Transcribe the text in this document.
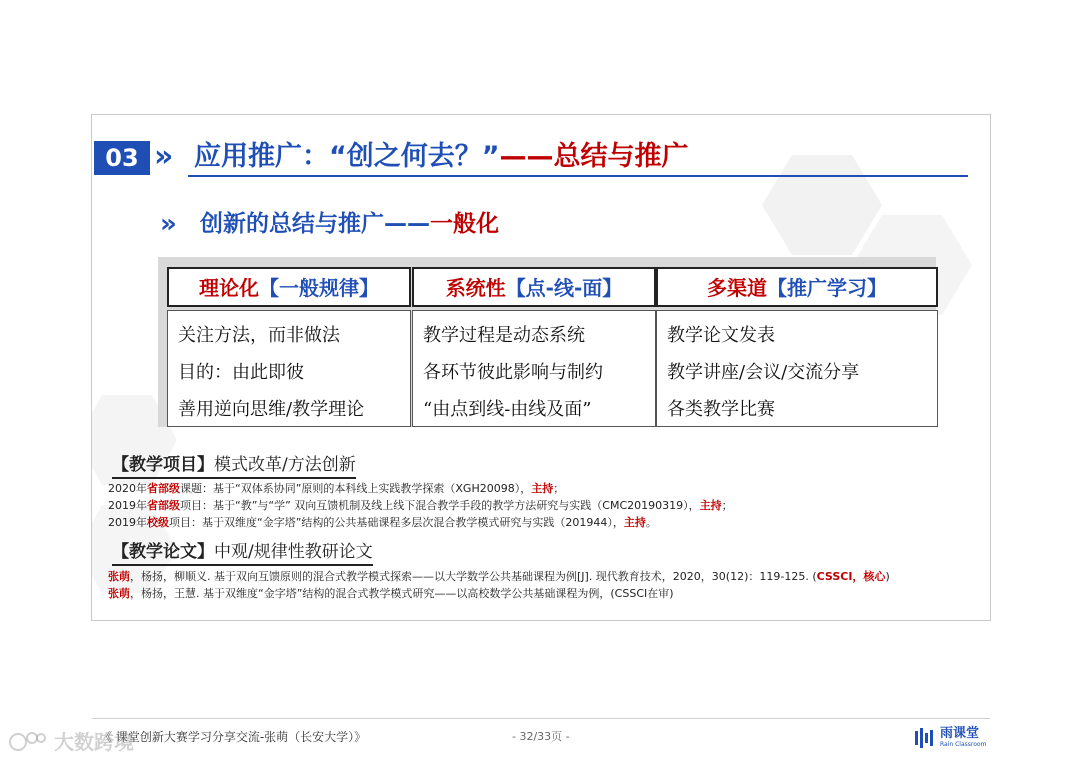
03 » 应用推广：“创之何去？”——总结与推广
» 创新的总结与推广——一般化
理论化【一般规律】
关注方法，而非做法
目的：由此即彼
善用逆向思维/教学理论
系统性【点-线-面】
教学过程是动态系统
各环节彼此影响与制约
“由点到线-由线及面”
多渠道【推广学习】
教学论文发表
教学讲座/会议/交流分享
各类教学比赛
【教学项目】模式改革/方法创新
2020年省部级课题：基于“双体系协同”原则的本科线上实践教学探索（XGH20098），主持；
2019年省部级项目：基于“教”与“学” 双向互馈机制及线上线下混合教学手段的教学方法研究与实践（CMC20190319），主持；
2019年校级项目：基于双维度“金字塔”结构的公共基础课程多层次混合教学模式研究与实践（201944），主持。
【教学论文】中观/规律性教研论文
张萌，杨扬，柳顺义. 基于双向互馈原则的混合式教学模式探索——以大学数学公共基础课程为例[J]. 现代教育技术，2020，30(12)：119-125. (CSSCI，核心)
张萌，杨扬，王慧. 基于双维度“金字塔”结构的混合式教学模式研究——以高校数学公共基础课程为例，(CSSCI在审)
《 课堂创新大赛学习分享交流-张萌（长安大学）》	- 32/33页 -	雨课堂
Rain Classroom
大数跨境
